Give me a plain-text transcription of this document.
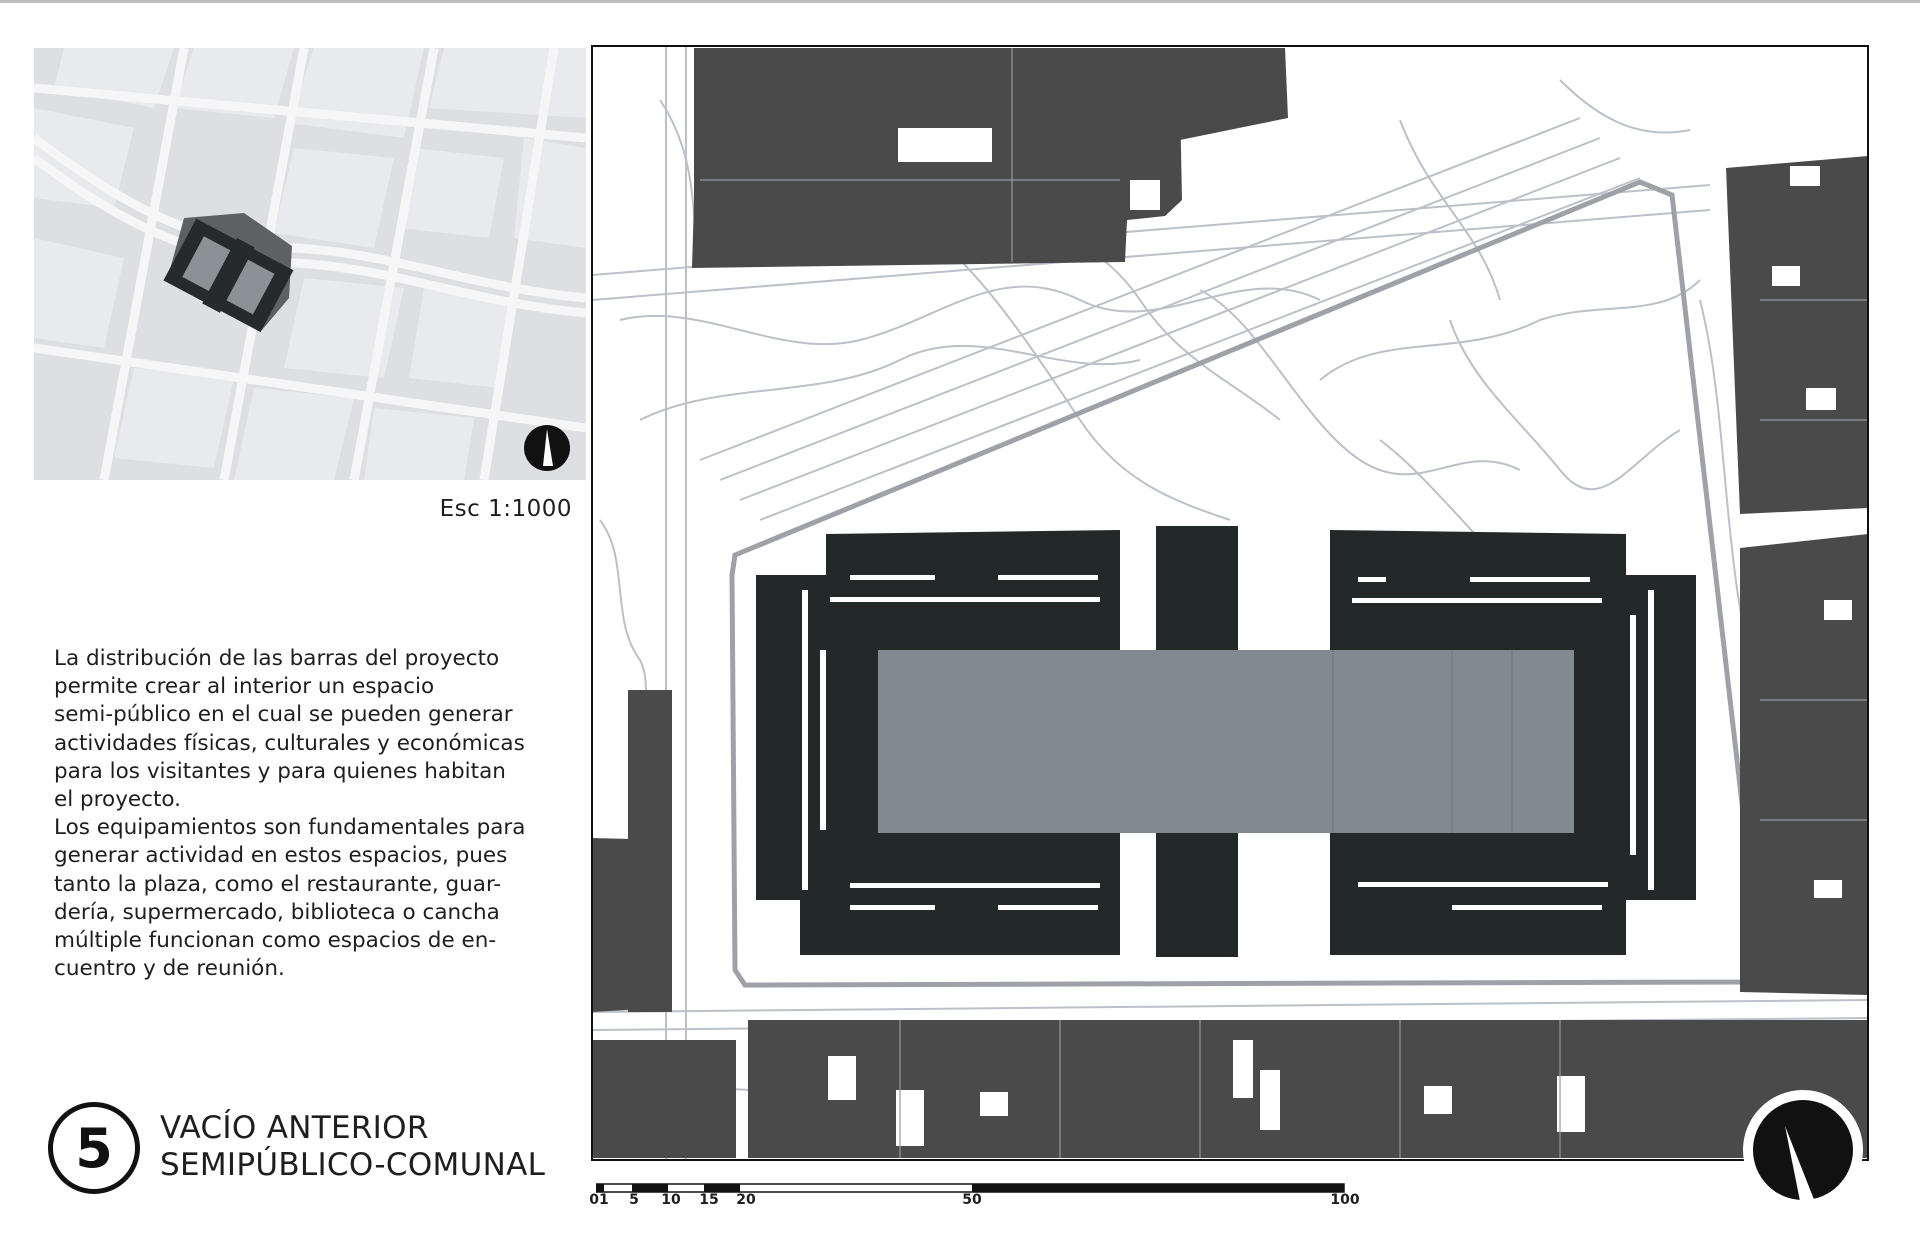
Esc 1:1000
La distribución de las barras del proyecto
permite crear al interior un espacio
semi-público en el cual se pueden generar
actividades físicas, culturales y económicas
para los visitantes y para quienes habitan
el proyecto.
Los equipamientos son fundamentales para
generar actividad en estos espacios, pues
tanto la plaza, como el restaurante, guar-
dería, supermercado, biblioteca o cancha
múltiple funcionan como espacios de en-
cuentro y de reunión.
5 VACÍO ANTERIOR
SEMIPÚBLICO-COMUNAL
01 5 10 15 20	50	100
